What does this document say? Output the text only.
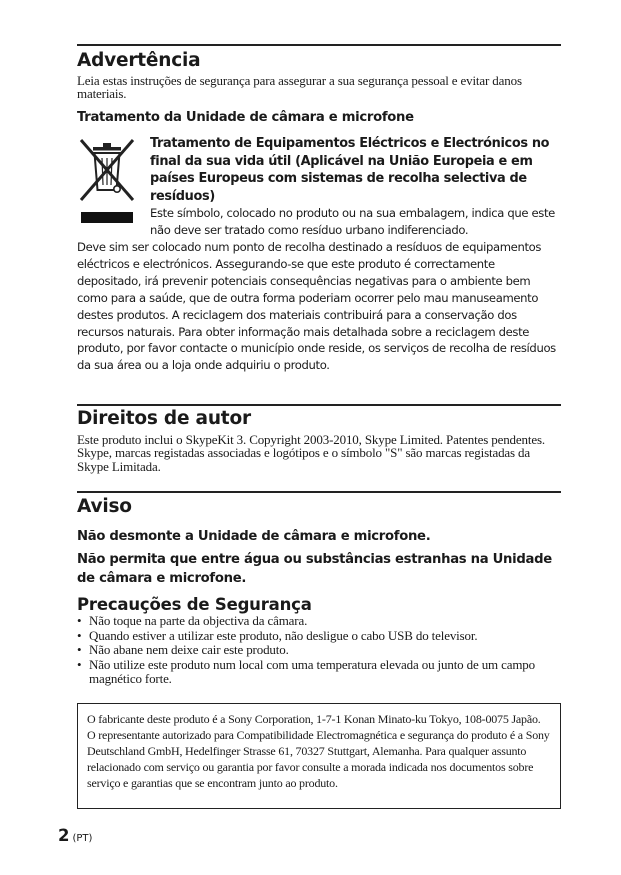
Advertência

Leia estas instruções de segurança para assegurar a sua segurança pessoal e evitar danos materiais.

Tratamento da Unidade de câmara e microfone

Tratamento de Equipamentos Eléctricos e Electrónicos no final da sua vida útil (Aplicável na União Europeia e em países Europeus com sistemas de recolha selectiva de resíduos)

Este símbolo, colocado no produto ou na sua embalagem, indica que este não deve ser tratado como resíduo urbano indiferenciado.

Deve sim ser colocado num ponto de recolha destinado a resíduos de equipamentos eléctricos e electrónicos. Assegurando-se que este produto é correctamente depositado, irá prevenir potenciais consequências negativas para o ambiente bem como para a saúde, que de outra forma poderiam ocorrer pelo mau manuseamento destes produtos. A reciclagem dos materiais contribuirá para a conservação dos recursos naturais. Para obter informação mais detalhada sobre a reciclagem deste produto, por favor contacte o município onde reside, os serviços de recolha de resíduos da sua área ou a loja onde adquiriu o produto.

Direitos de autor

Este produto inclui o SkypeKit 3. Copyright 2003-2010, Skype Limited. Patentes pendentes. Skype, marcas registadas associadas e logótipos e o símbolo "S" são marcas registadas da Skype Limitada.

Aviso

Não desmonte a Unidade de câmara e microfone.

Não permita que entre água ou substâncias estranhas na Unidade de câmara e microfone.

Precauções de Segurança
• Não toque na parte da objectiva da câmara.
• Quando estiver a utilizar este produto, não desligue o cabo USB do televisor.
• Não abane nem deixe cair este produto.
• Não utilize este produto num local com uma temperatura elevada ou junto de um campo magnético forte.

O fabricante deste produto é a Sony Corporation, 1-7-1 Konan Minato-ku Tokyo, 108-0075 Japão. O representante autorizado para Compatibilidade Electromagnética e segurança do produto é a Sony Deutschland GmbH, Hedelfinger Strasse 61, 70327 Stuttgart, Alemanha. Para qualquer assunto relacionado com serviço ou garantia por favor consulte a morada indicada nos documentos sobre serviço e garantias que se encontram junto ao produto.

2 (PT)
